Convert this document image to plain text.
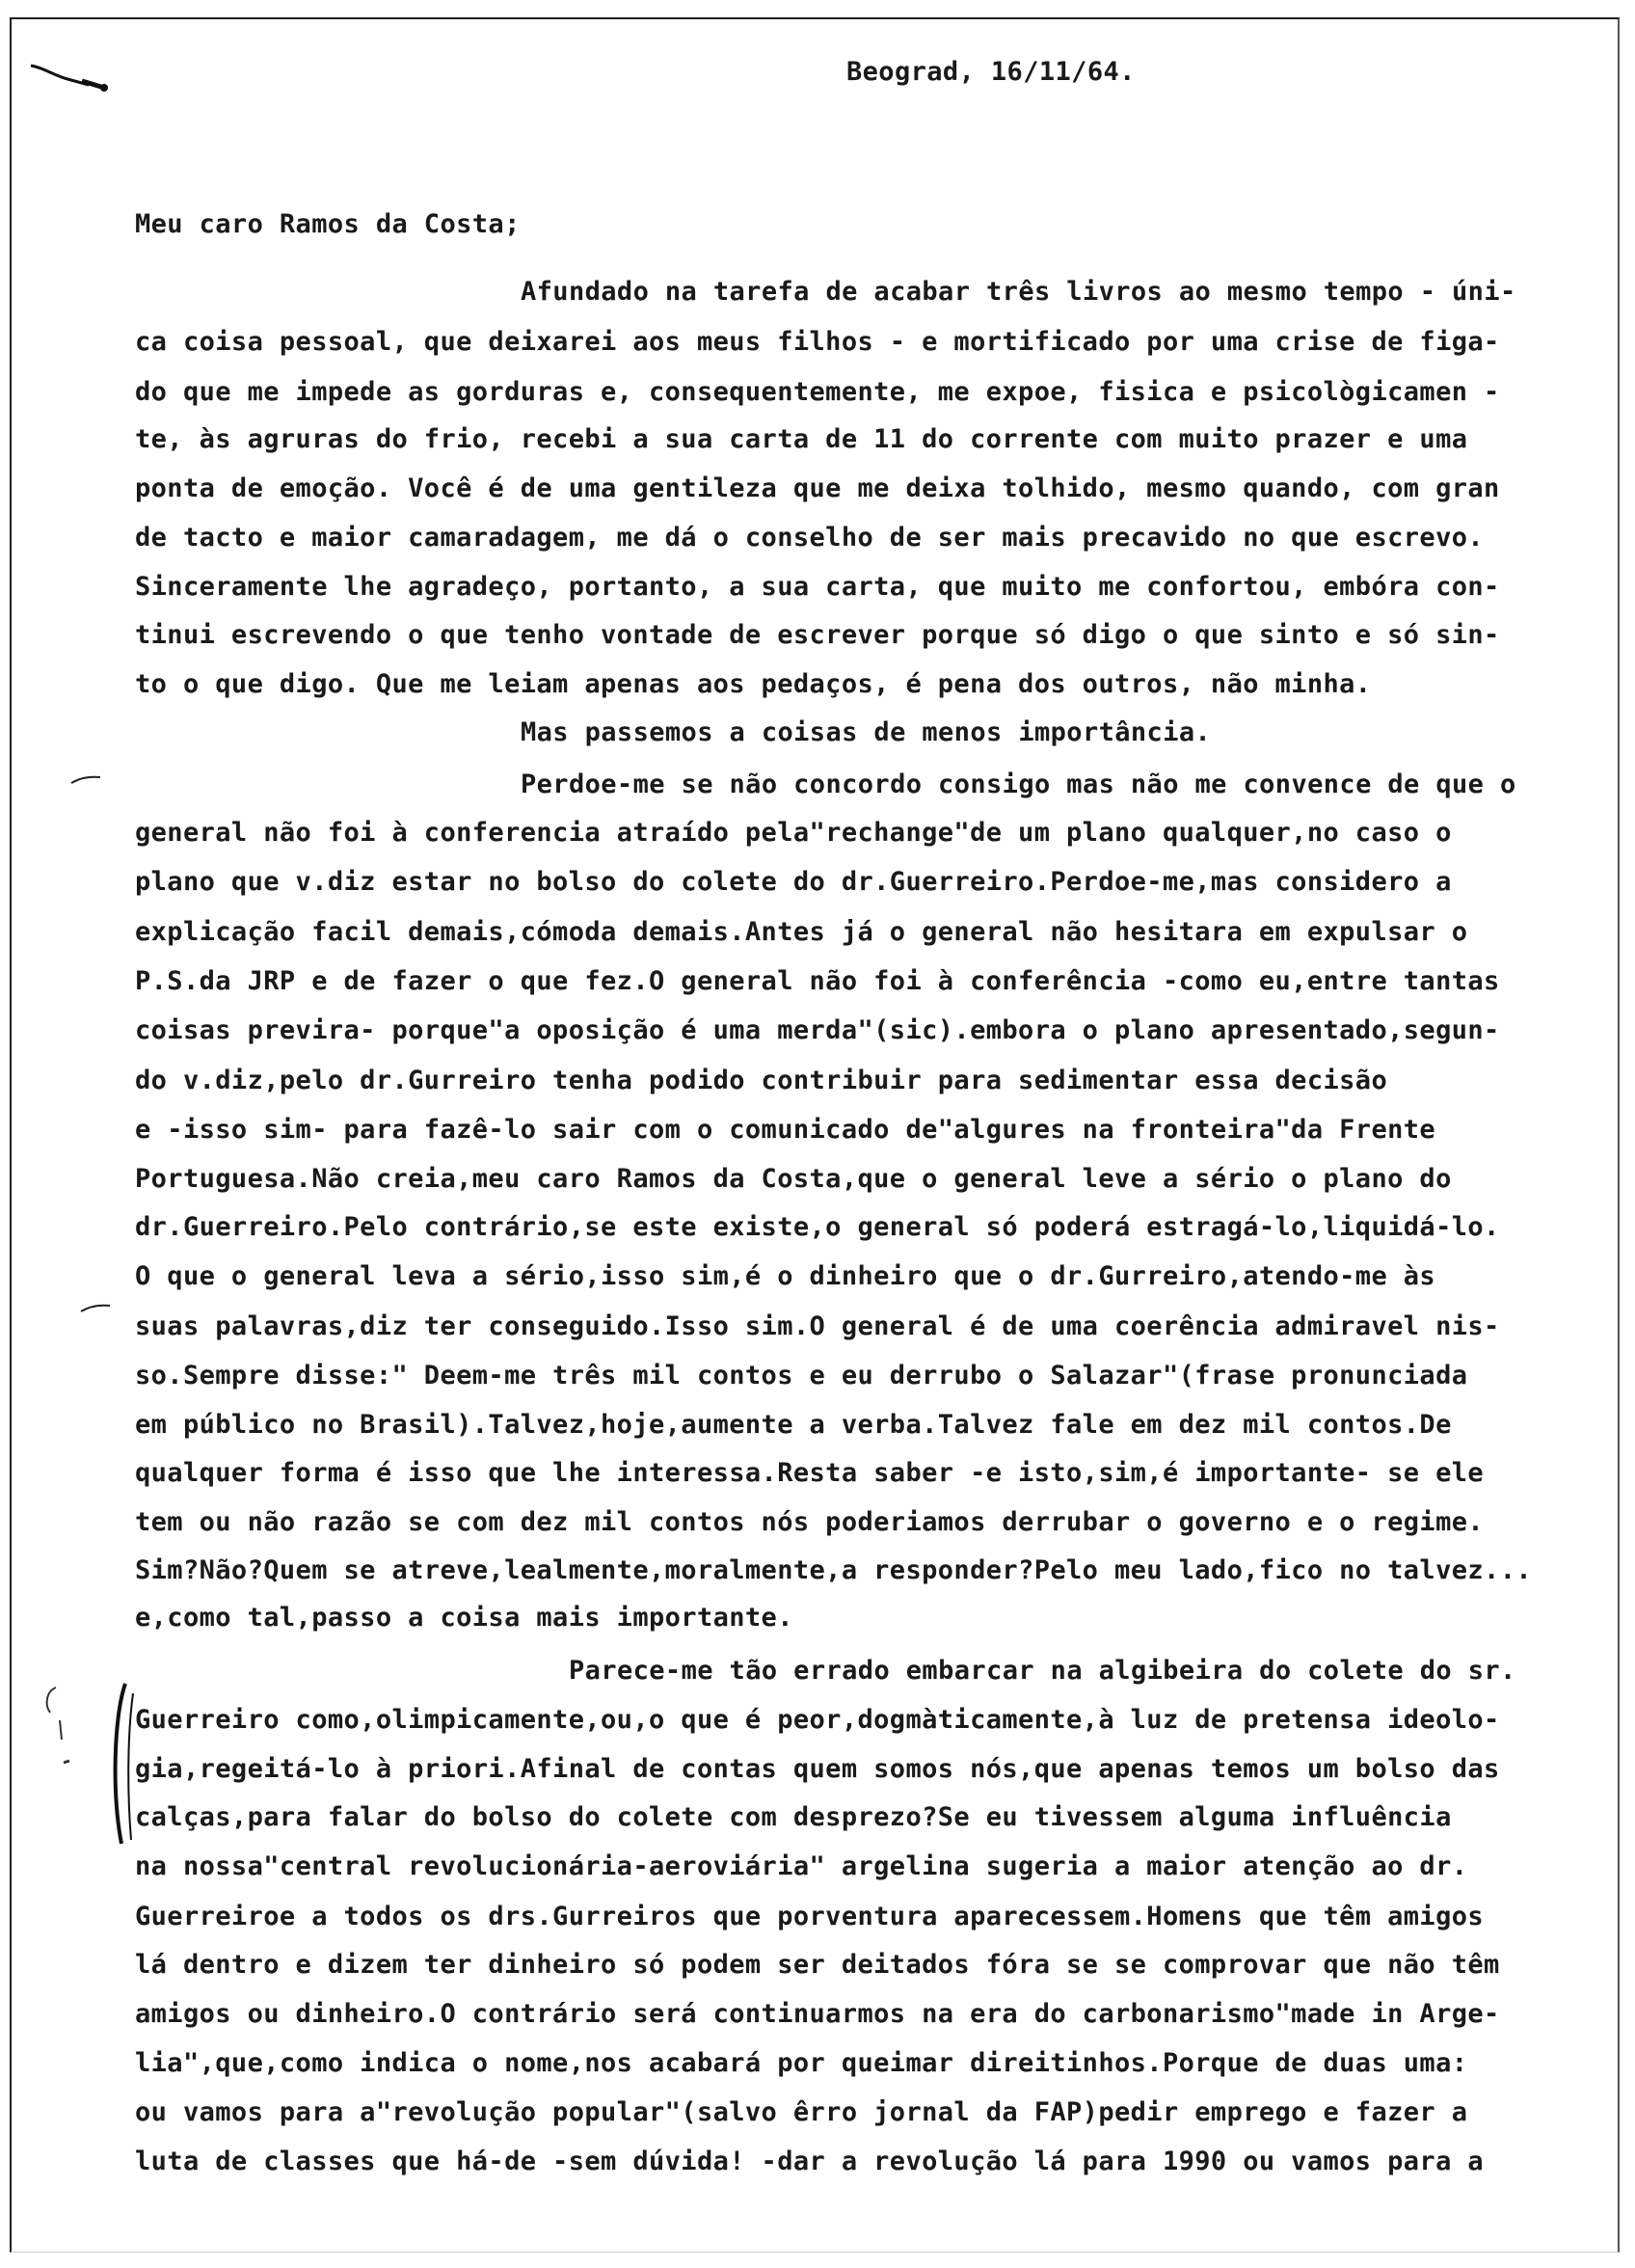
Beograd, 16/11/64.
Meu caro Ramos da Costa;
Afundado na tarefa de acabar três livros ao mesmo tempo - úni-
ca coisa pessoal, que deixarei aos meus filhos - e mortificado por uma crise de figa-
do que me impede as gorduras e, consequentemente, me expoe, fisica e psicològicamen -
te, às agruras do frio, recebi a sua carta de 11 do corrente com muito prazer e uma
ponta de emoção. Você é de uma gentileza que me deixa tolhido, mesmo quando, com gran
de tacto e maior camaradagem, me dá o conselho de ser mais precavido no que escrevo.
Sinceramente lhe agradeço, portanto, a sua carta, que muito me confortou, embóra con-
tinui escrevendo o que tenho vontade de escrever porque só digo o que sinto e só sin-
to o que digo. Que me leiam apenas aos pedaços, é pena dos outros, não minha.
Mas passemos a coisas de menos importância.
Perdoe-me se não concordo consigo mas não me convence de que o
general não foi à conferencia atraído pela"rechange"de um plano qualquer,no caso o
plano que v.diz estar no bolso do colete do dr.Guerreiro.Perdoe-me,mas considero a
explicação facil demais,cómoda demais.Antes já o general não hesitara em expulsar o
P.S.da JRP e de fazer o que fez.O general não foi à conferência -como eu,entre tantas
coisas previra- porque"a oposição é uma merda"(sic).embora o plano apresentado,segun-
do v.diz,pelo dr.Gurreiro tenha podido contribuir para sedimentar essa decisão
e -isso sim- para fazê-lo sair com o comunicado de"algures na fronteira"da Frente
Portuguesa.Não creia,meu caro Ramos da Costa,que o general leve a sério o plano do
dr.Guerreiro.Pelo contrário,se este existe,o general só poderá estragá-lo,liquidá-lo.
O que o general leva a sério,isso sim,é o dinheiro que o dr.Gurreiro,atendo-me às
suas palavras,diz ter conseguido.Isso sim.O general é de uma coerência admiravel nis-
so.Sempre disse:" Deem-me três mil contos e eu derrubo o Salazar"(frase pronunciada
em público no Brasil).Talvez,hoje,aumente a verba.Talvez fale em dez mil contos.De
qualquer forma é isso que lhe interessa.Resta saber -e isto,sim,é importante- se ele
tem ou não razão se com dez mil contos nós poderiamos derrubar o governo e o regime.
Sim?Não?Quem se atreve,lealmente,moralmente,a responder?Pelo meu lado,fico no talvez...
e,como tal,passo a coisa mais importante.
Parece-me tão errado embarcar na algibeira do colete do sr.
Guerreiro como,olimpicamente,ou,o que é peor,dogmàticamente,à luz de pretensa ideolo-
gia,regeitá-lo à priori.Afinal de contas quem somos nós,que apenas temos um bolso das
calças,para falar do bolso do colete com desprezo?Se eu tivessem alguma influência
na nossa"central revolucionária-aeroviária" argelina sugeria a maior atenção ao dr.
Guerreiroe a todos os drs.Gurreiros que porventura aparecessem.Homens que têm amigos
lá dentro e dizem ter dinheiro só podem ser deitados fóra se se comprovar que não têm
amigos ou dinheiro.O contrário será continuarmos na era do carbonarismo"made in Arge-
lia",que,como indica o nome,nos acabará por queimar direitinhos.Porque de duas uma:
ou vamos para a"revolução popular"(salvo êrro jornal da FAP)pedir emprego e fazer a
luta de classes que há-de -sem dúvida! -dar a revolução lá para 1990 ou vamos para a
